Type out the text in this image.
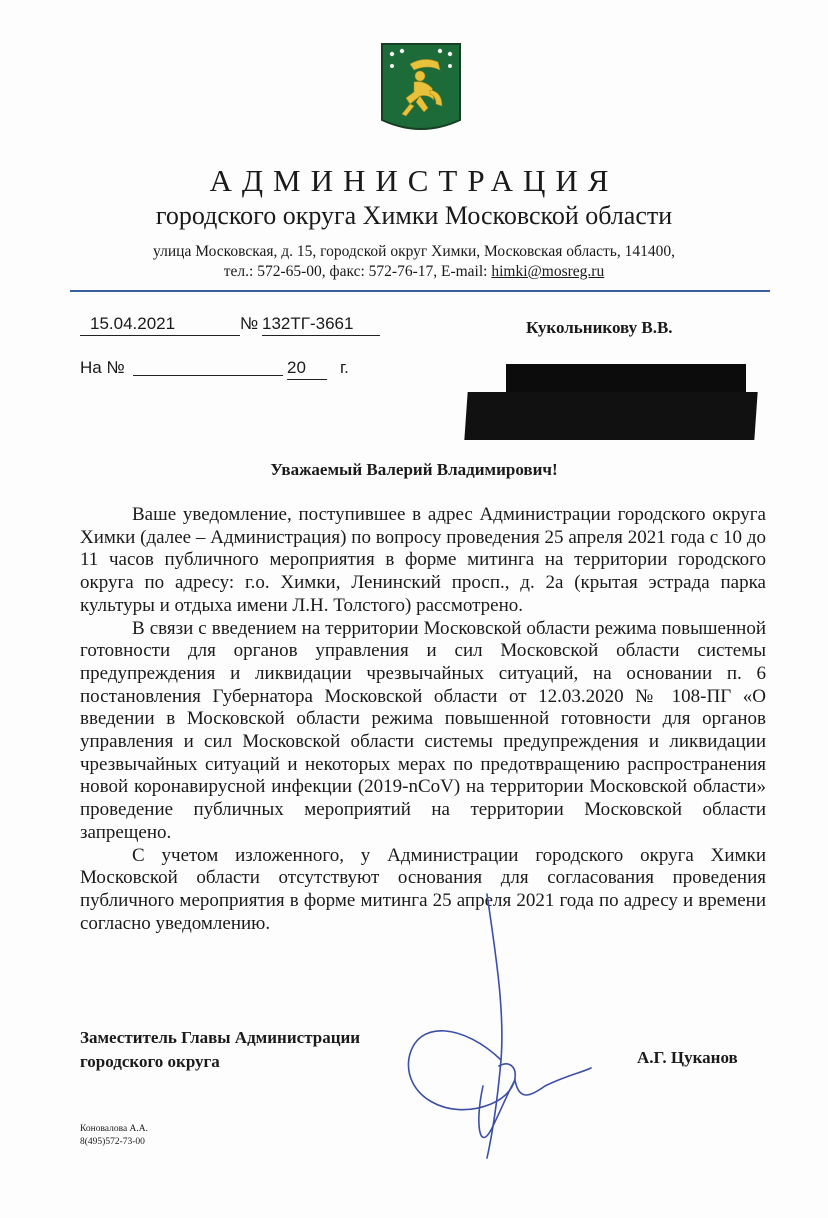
АДМИНИСТРАЦИЯ
городского округа Химки Московской области
улица Московская, д. 15, городской округ Химки, Московская область, 141400,
тел.: 572-65-00, факс: 572-76-17, E-mail: himki@mosreg.ru
15.04.2021	№ 132ТГ-3661
На №	20	г.
Кукольникову В.В.
Уважаемый Валерий Владимирович!

Ваше уведомление, поступившее в адрес Администрации городского округа Химки (далее – Администрация) по вопросу проведения 25 апреля 2021 года с 10 до 11 часов публичного мероприятия в форме митинга на территории городского округа по адресу: г.о. Химки, Ленинский просп., д. 2а (крытая эстрада парка культуры и отдыха имени Л.Н. Толстого) рассмотрено.

В связи с введением на территории Московской области режима повышенной готовности для органов управления и сил Московской области системы предупреждения и ликвидации чрезвычайных ситуаций, на основании п. 6 постановления Губернатора Московской области от 12.03.2020 № 108-ПГ «О введении в Московской области режима повышенной готовности для органов управления и сил Московской области системы предупреждения и ликвидации чрезвычайных ситуаций и некоторых мерах по предотвращению распространения новой коронавирусной инфекции (2019-nCoV) на территории Московской области» проведение публичных мероприятий на территории Московской области запрещено.

С учетом изложенного, у Администрации городского округа Химки Московской области отсутствуют основания для согласования проведения публичного мероприятия в форме митинга 25 апреля 2021 года по адресу и времени согласно уведомлению.

Заместитель Главы Администрации
городского округа	А.Г. Цуканов
Коновалова А.А.
8(495)572-73-00
